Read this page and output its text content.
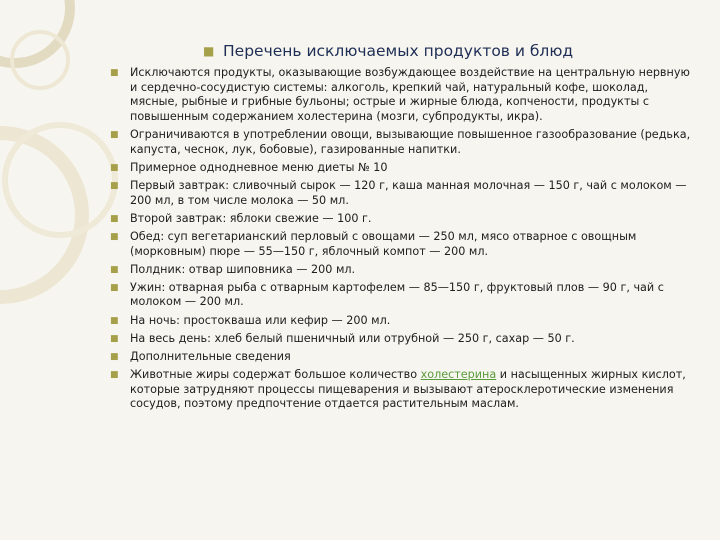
■ Перечень исключаемых продуктов и блюд
■ Исключаются продукты, оказывающие возбуждающее воздействие на центральную нервную и сердечно-сосудистую системы: алкоголь, крепкий чай, натуральный кофе, шоколад, мясные, рыбные и грибные бульоны; острые и жирные блюда, копчености, продукты с повышенным содержанием холестерина (мозги, субпродукты, икра).
■ Ограничиваются в употреблении овощи, вызывающие повышенное газообразование (редька, капуста, чеснок, лук, бобовые), газированные напитки.
■ Примерное однодневное меню диеты № 10
■ Первый завтрак: сливочный сырок — 120 г, каша манная молочная — 150 г, чай с молоком — 200 мл, в том числе молока — 50 мл.
■ Второй завтрак: яблоки свежие — 100 г.
■ Обед: суп вегетарианский перловый с овощами — 250 мл, мясо отварное с овощным (морковным) пюре — 55—150 г, яблочный компот — 200 мл.
■ Полдник: отвар шиповника — 200 мл.
■ Ужин: отварная рыба с отварным картофелем — 85—150 г, фруктовый плов — 90 г, чай с молоком — 200 мл.
■ На ночь: простокваша или кефир — 200 мл.
■ На весь день: хлеб белый пшеничный или отрубной — 250 г, сахар — 50 г.
■ Дополнительные сведения
■ Животные жиры содержат большое количество холестерина и насыщенных жирных кислот, которые затрудняют процессы пищеварения и вызывают атеросклеротические изменения сосудов, поэтому предпочтение отдается растительным маслам.
